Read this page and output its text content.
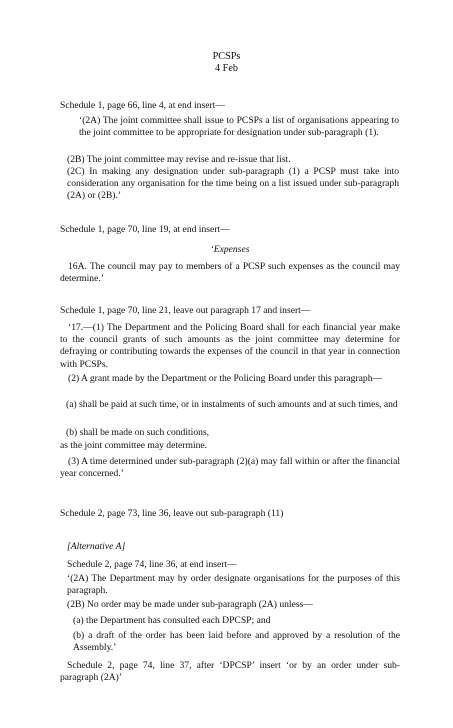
PCSPs
4 Feb
Schedule 1, page 66, line 4, at end insert—
‘(2A) The joint committee shall issue to PCSPs a list of organisations appearing to the joint committee to be appropriate for designation under sub-paragraph (1).
(2B) The joint committee may revise and re-issue that list.
(2C) In making any designation under sub-paragraph (1) a PCSP must take into consideration any organisation for the time being on a list issued under sub-paragraph (2A) or (2B).’
Schedule 1, page 70, line 19, at end insert—
‘Expenses
16A. The council may pay to members of a PCSP such expenses as the council may determine.’
Schedule 1, page 70, line 21, leave out paragraph 17 and insert—
‘17.—(1) The Department and the Policing Board shall for each financial year make to the council grants of such amounts as the joint committee may determine for defraying or contributing towards the expenses of the council in that year in connection with PCSPs.
(2) A grant made by the Department or the Policing Board under this paragraph—
(a) shall be paid at such time, or in instalments of such amounts and at such times, and
(b) shall be made on such conditions,
as the joint committee may determine.
(3) A time determined under sub-paragraph (2)(a) may fall within or after the financial year concerned.’
Schedule 2, page 73, line 36, leave out sub-paragraph (11)
[Alternative A]
Schedule 2, page 74, line 36, at end insert—
‘(2A) The Department may by order designate organisations for the purposes of this paragraph.
(2B) No order may be made under sub-paragraph (2A) unless—
(a) the Department has consulted each DPCSP; and
(b) a draft of the order has been laid before and approved by a resolution of the Assembly.’
Schedule 2, page 74, line 37, after ‘DPCSP’ insert ‘or by an order under sub-paragraph (2A)’
